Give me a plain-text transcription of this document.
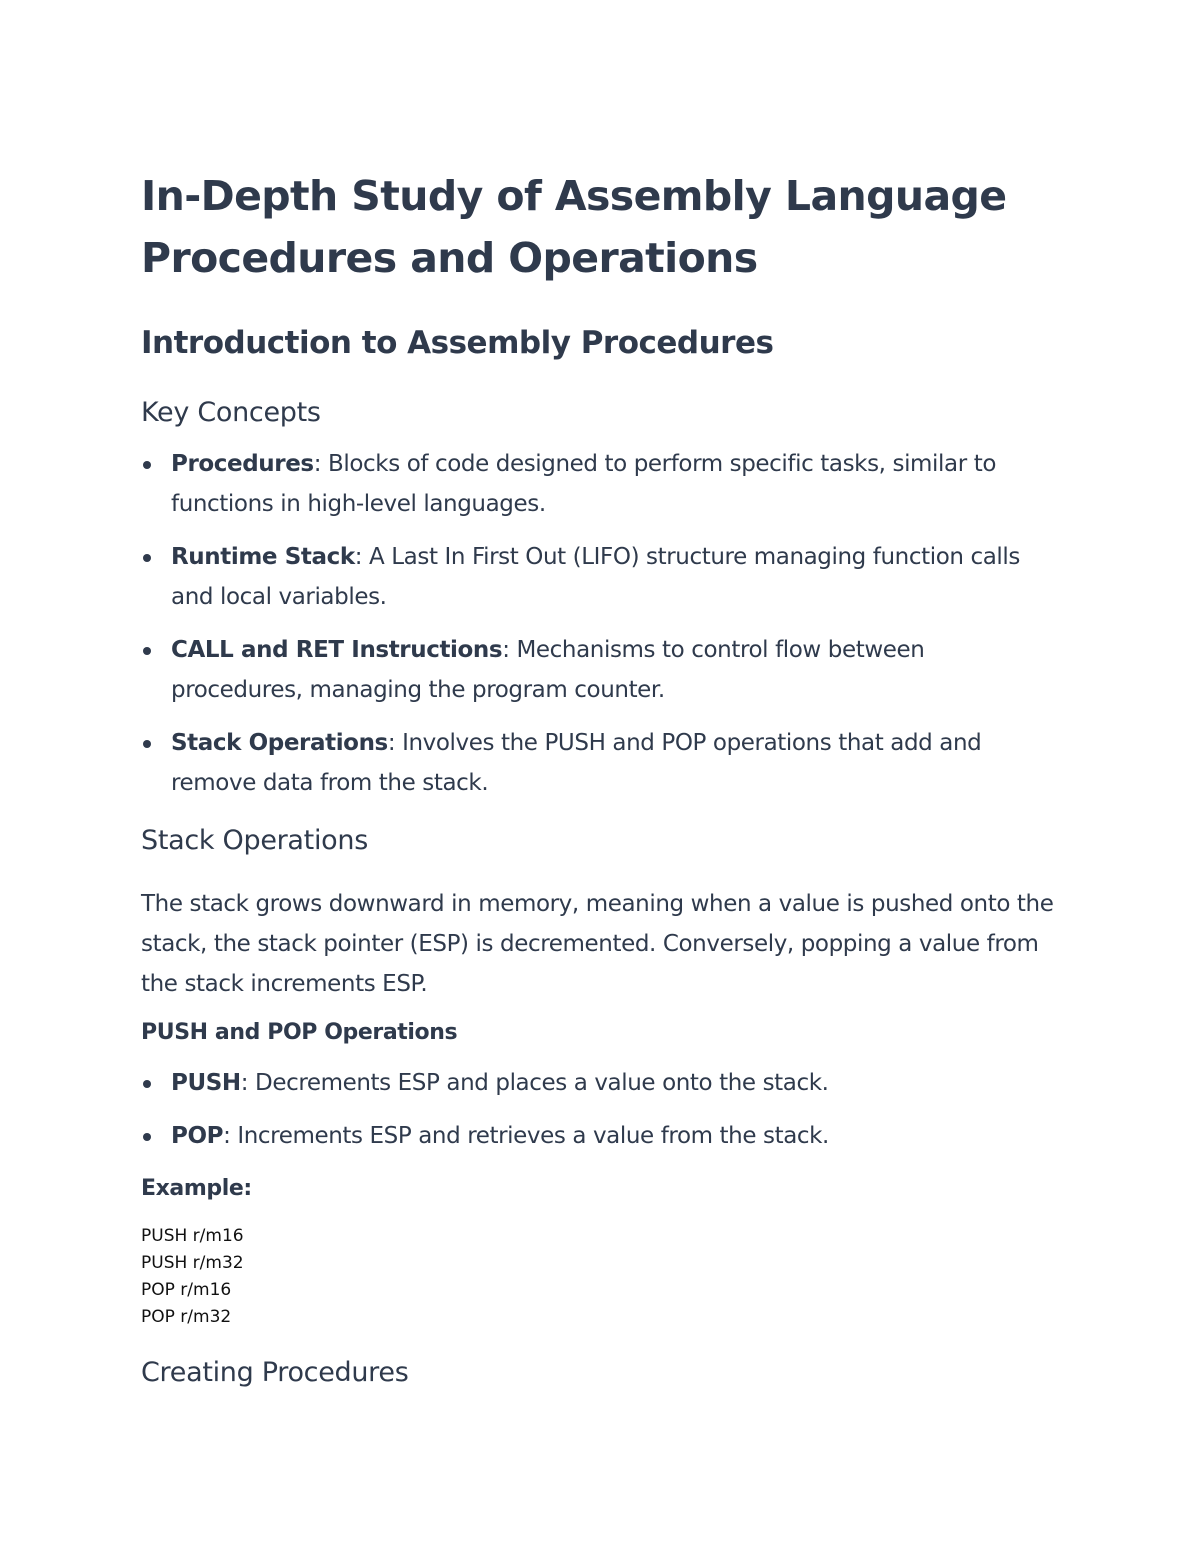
In-Depth Study of Assembly Language
Procedures and Operations
Introduction to Assembly Procedures
Key Concepts
Procedures: Blocks of code designed to perform specific tasks, similar to functions in high-level languages.
Runtime Stack: A Last In First Out (LIFO) structure managing function calls and local variables.
CALL and RET Instructions: Mechanisms to control flow between procedures, managing the program counter.
Stack Operations: Involves the PUSH and POP operations that add and remove data from the stack.
Stack Operations

The stack grows downward in memory, meaning when a value is pushed onto the stack, the stack pointer (ESP) is decremented. Conversely, popping a value from the stack increments ESP.

PUSH and POP Operations
PUSH: Decrements ESP and places a value onto the stack.
POP: Increments ESP and retrieves a value from the stack.

Example:

PUSH r/m16
PUSH r/m32
POP r/m16
POP r/m32
Creating Procedures
